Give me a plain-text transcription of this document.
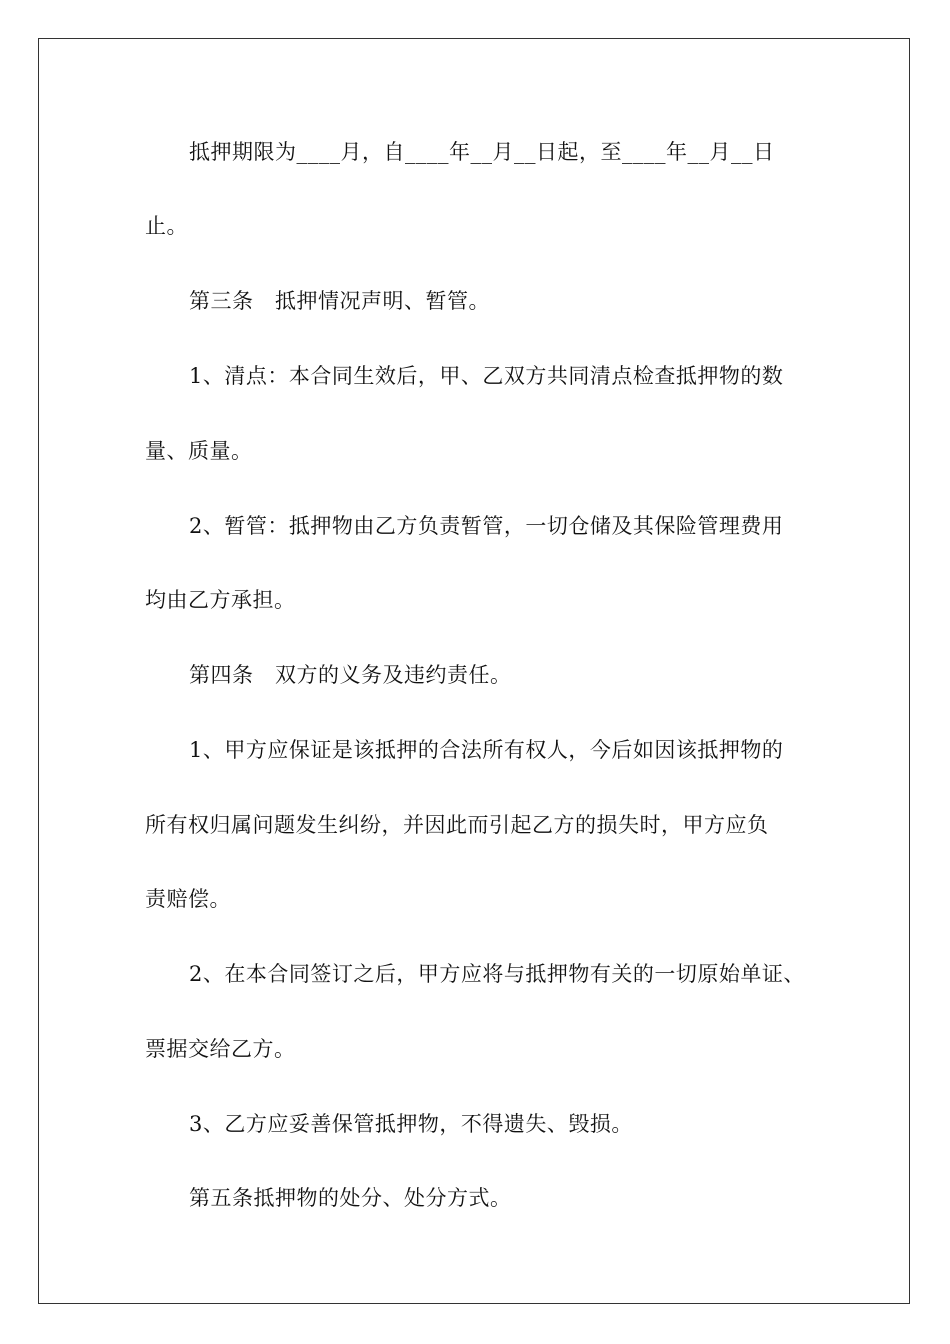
抵押期限为____月，自____年__月__日起，至____年__月__日
止。
第三条　抵押情况声明、暂管。
1、清点：本合同生效后，甲、乙双方共同清点检查抵押物的数
量、质量。
2、暂管：抵押物由乙方负责暂管，一切仓储及其保险管理费用
均由乙方承担。
第四条　双方的义务及违约责任。
1、甲方应保证是该抵押的合法所有权人，今后如因该抵押物的
所有权归属问题发生纠纷，并因此而引起乙方的损失时，甲方应负
责赔偿。
2、在本合同签订之后，甲方应将与抵押物有关的一切原始单证、
票据交给乙方。
3、乙方应妥善保管抵押物，不得遗失、毁损。
第五条抵押物的处分、处分方式。
